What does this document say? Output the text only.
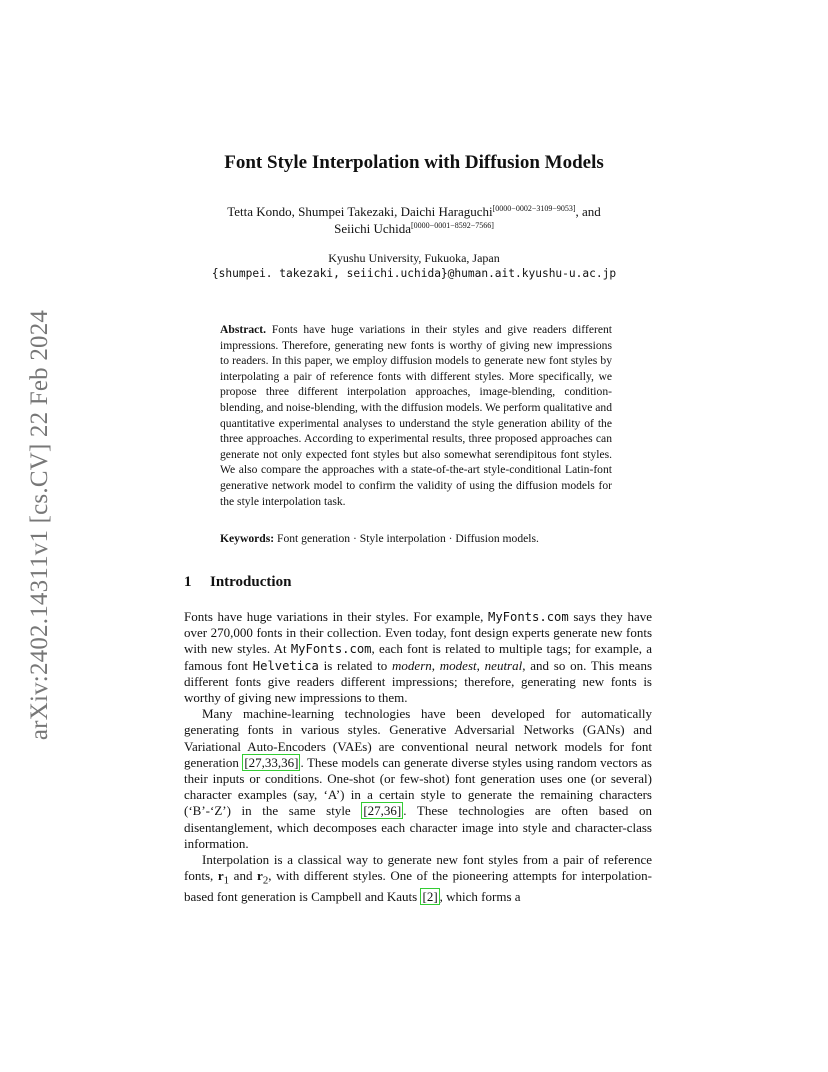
arXiv:2402.14311v1 [cs.CV] 22 Feb 2024
Font Style Interpolation with Diffusion Models
Tetta Kondo, Shumpei Takezaki, Daichi Haraguchi[0000−0002−3109−9053], and
Seiichi Uchida[0000−0001−8592−7566]
Kyushu University, Fukuoka, Japan
{shumpei. takezaki, seiichi.uchida}@human.ait.kyushu-u.ac.jp
Abstract. Fonts have huge variations in their styles and give readers different impressions. Therefore, generating new fonts is worthy of giving new impressions to readers. In this paper, we employ diffusion models to generate new font styles by interpolating a pair of reference fonts with different styles. More specifically, we propose three different interpolation approaches, image-blending, condition-blending, and noise-blending, with the diffusion models. We perform qualitative and quantitative experimental analyses to understand the style generation ability of the three approaches. According to experimental results, three proposed approaches can generate not only expected font styles but also somewhat serendipitous font styles. We also compare the approaches with a state-of-the-art style-conditional Latin-font generative network model to confirm the validity of using the diffusion models for the style interpolation task.
Keywords: Font generation · Style interpolation · Diffusion models.
1 Introduction

Fonts have huge variations in their styles. For example, MyFonts.com says they have over 270,000 fonts in their collection. Even today, font design experts generate new fonts with new styles. At MyFonts.com, each font is related to multiple tags; for example, a famous font Helvetica is related to modern, modest, neutral, and so on. This means different fonts give readers different impressions; therefore, generating new fonts is worthy of giving new impressions to them.

Many machine-learning technologies have been developed for automatically generating fonts in various styles. Generative Adversarial Networks (GANs) and Variational Auto-Encoders (VAEs) are conventional neural network models for font generation [27,33,36] . These models can generate diverse styles using random vectors as their inputs or conditions. One-shot (or few-shot) font generation uses one (or several) character examples (say, ‘A’) in a certain style to generate the remaining characters (‘B’-‘Z’) in the same style [27,36] . These technologies are often based on disentanglement, which decomposes each character image into style and character-class information.

Interpolation is a classical way to generate new font styles from a pair of reference fonts, $r_1$ and $r_2$, with different styles. One of the pioneering attempts for interpolation-based font generation is Campbell and Kauts [2] , which forms a
